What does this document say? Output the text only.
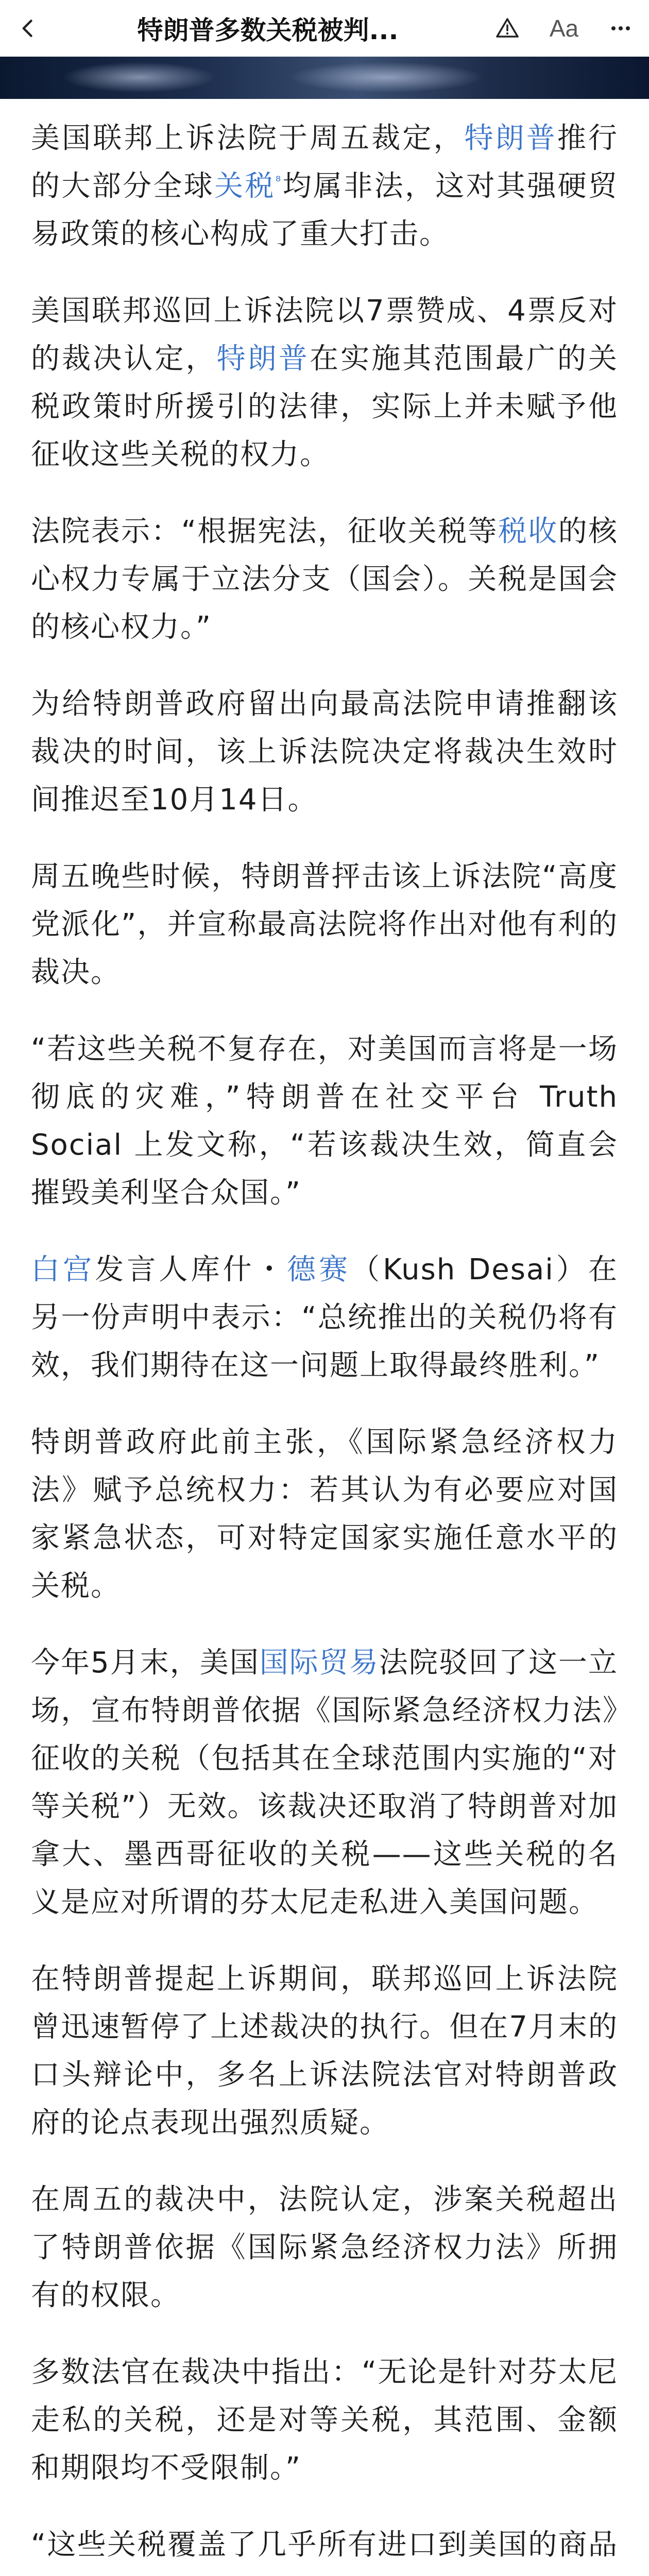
特朗普多数关税被判...	Aa

美国联邦上诉法院于周五裁定，特朗普推行的大部分全球关税$^{^8}$均属非法，这对其强硬贸易政策的核心构成了重大打击。

美国联邦巡回上诉法院以7票赞成、4票反对的裁决认定，特朗普在实施其范围最广的关税政策时所援引的法律，实际上并未赋予他征收这些关税的权力。

法院表示：“根据宪法，征收关税等税收的核心权力专属于立法分支（国会）。关税是国会的核心权力。”

为给特朗普政府留出向最高法院申请推翻该裁决的时间，该上诉法院决定将裁决生效时间推迟至10月14日。

周五晚些时候，特朗普抨击该上诉法院“高度党派化”，并宣称最高法院将作出对他有利的裁决。

“若这些关税不复存在，对美国而言将是一场彻底的灾难，”特朗普在社交平台 Truth Social 上发文称，“若该裁决生效，简直会摧毁美利坚合众国。”

白宫发言人库什・德赛（Kush Desai）在另一份声明中表示：“总统推出的关税仍将有效，我们期待在这一问题上取得最终胜利。”

特朗普政府此前主张，《国际紧急经济权力法》赋予总统权力：若其认为有必要应对国家紧急状态，可对特定国家实施任意水平的关税。

今年5月末，美国国际贸易法院驳回了这一立场，宣布特朗普依据《国际紧急经济权力法》征收的关税（包括其在全球范围内实施的“对等关税”）无效。该裁决还取消了特朗普对加拿大、墨西哥征收的关税——这些关税的名义是应对所谓的芬太尼走私进入美国问题。

在特朗普提起上诉期间，联邦巡回上诉法院曾迅速暂停了上述裁决的执行。但在7月末的口头辩论中，多名上诉法院法官对特朗普政府的论点表现出强烈质疑。

在周五的裁决中，法院认定，涉案关税超出了特朗普依据《国际紧急经济权力法》所拥有的权限。

多数法官在裁决中指出：“无论是针对芬太尼走私的关税，还是对等关税，其范围、金额和期限均不受限制。”

“这些关税覆盖了几乎所有进口到美国的商品
